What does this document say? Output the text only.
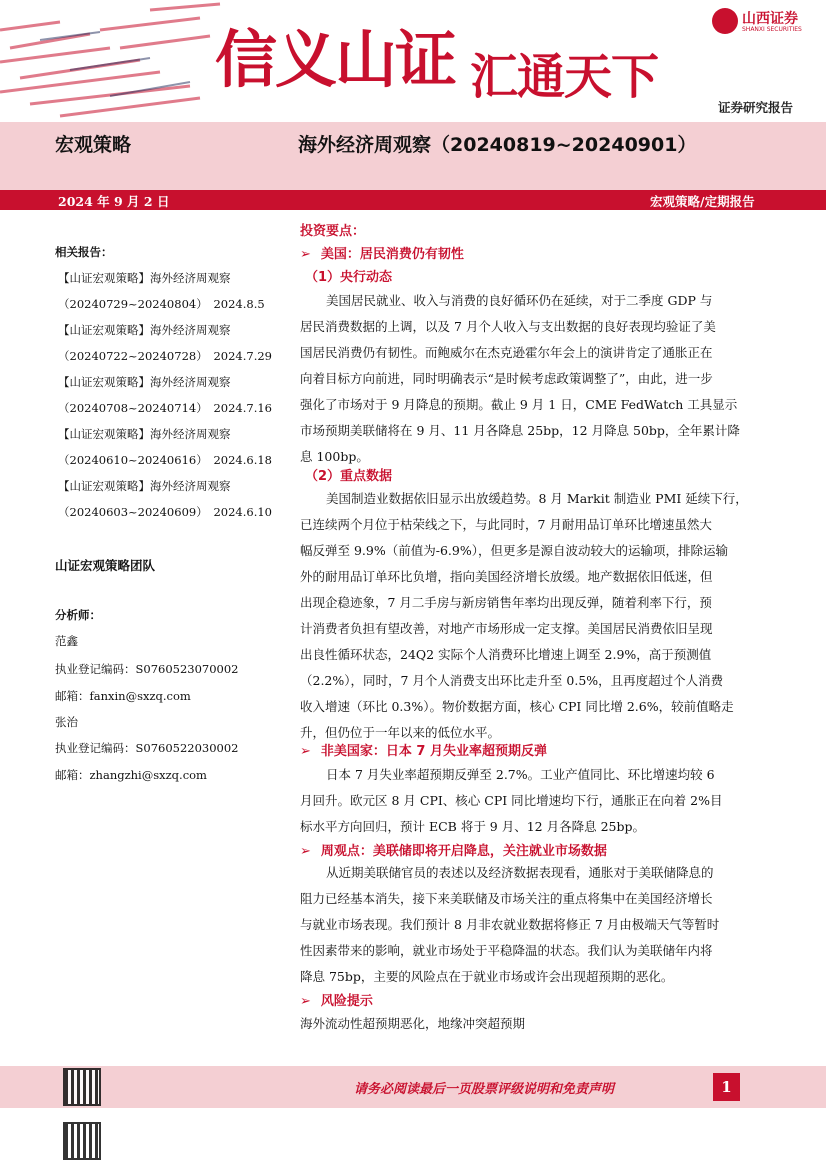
信义山证 汇通天下
山西证券
SHANXI SECURITIES
证券研究报告
宏观策略	海外经济周观察（20240819~20240901）
2024 年 9 月 2 日	宏观策略/定期报告
相关报告：
【山证宏观策略】海外经济周观察
（20240729~20240804）　2024.8.5
【山证宏观策略】海外经济周观察
（20240722~20240728）　2024.7.29
【山证宏观策略】海外经济周观察
（20240708~20240714）　2024.7.16
【山证宏观策略】海外经济周观察
（20240610~20240616）　2024.6.18
【山证宏观策略】海外经济周观察
（20240603~20240609）　2024.6.10
山证宏观策略团队
分析师：
范鑫
执业登记编码：S0760523070002
邮箱：fanxin@sxzq.com
张治
执业登记编码：S0760522030002
邮箱：zhangzhi@sxzq.com
投资要点：
➢ 美国：居民消费仍有韧性
（1）央行动态
美国居民就业、收入与消费的良好循环仍在延续，对于二季度 GDP 与
居民消费数据的上调，以及 7 月个人收入与支出数据的良好表现均验证了美
国居民消费仍有韧性。而鲍威尔在杰克逊霍尔年会上的演讲肯定了通胀正在
向着目标方向前进，同时明确表示“是时候考虑政策调整了”，由此，进一步
强化了市场对于 9 月降息的预期。截止 9 月 1 日，CME FedWatch 工具显示
市场预期美联储将在 9 月、11 月各降息 25bp，12 月降息 50bp，全年累计降
息 100bp。
（2）重点数据
美国制造业数据依旧显示出放缓趋势。8 月 Markit 制造业 PMI 延续下行，
已连续两个月位于枯荣线之下，与此同时，7 月耐用品订单环比增速虽然大
幅反弹至 9.9%（前值为-6.9%），但更多是源自波动较大的运输项，排除运输
外的耐用品订单环比负增，指向美国经济增长放缓。地产数据依旧低迷，但
出现企稳迹象，7 月二手房与新房销售年率均出现反弹，随着利率下行，预
计消费者负担有望改善，对地产市场形成一定支撑。美国居民消费依旧呈现
出良性循环状态，24Q2 实际个人消费环比增速上调至 2.9%，高于预测值
（2.2%），同时，7 月个人消费支出环比走升至 0.5%，且再度超过个人消费
收入增速（环比 0.3%）。物价数据方面，核心 CPI 同比增 2.6%，较前值略走
升，但仍位于一年以来的低位水平。
➢ 非美国家：日本 7 月失业率超预期反弹
日本 7 月失业率超预期反弹至 2.7%。工业产值同比、环比增速均较 6
月回升。欧元区 8 月 CPI、核心 CPI 同比增速均下行，通胀正在向着 2%目
标水平方向回归，预计 ECB 将于 9 月、12 月各降息 25bp。
➢ 周观点：美联储即将开启降息，关注就业市场数据
从近期美联储官员的表述以及经济数据表现看，通胀对于美联储降息的
阻力已经基本消失，接下来美联储及市场关注的重点将集中在美国经济增长
与就业市场表现。我们预计 8 月非农就业数据将修正 7 月由极端天气等暂时
性因素带来的影响，就业市场处于平稳降温的状态。我们认为美联储年内将
降息 75bp，主要的风险点在于就业市场或许会出现超预期的恶化。
➢ 风险提示
海外流动性超预期恶化，地缘冲突超预期
请务必阅读最后一页股票评级说明和免责声明	1
